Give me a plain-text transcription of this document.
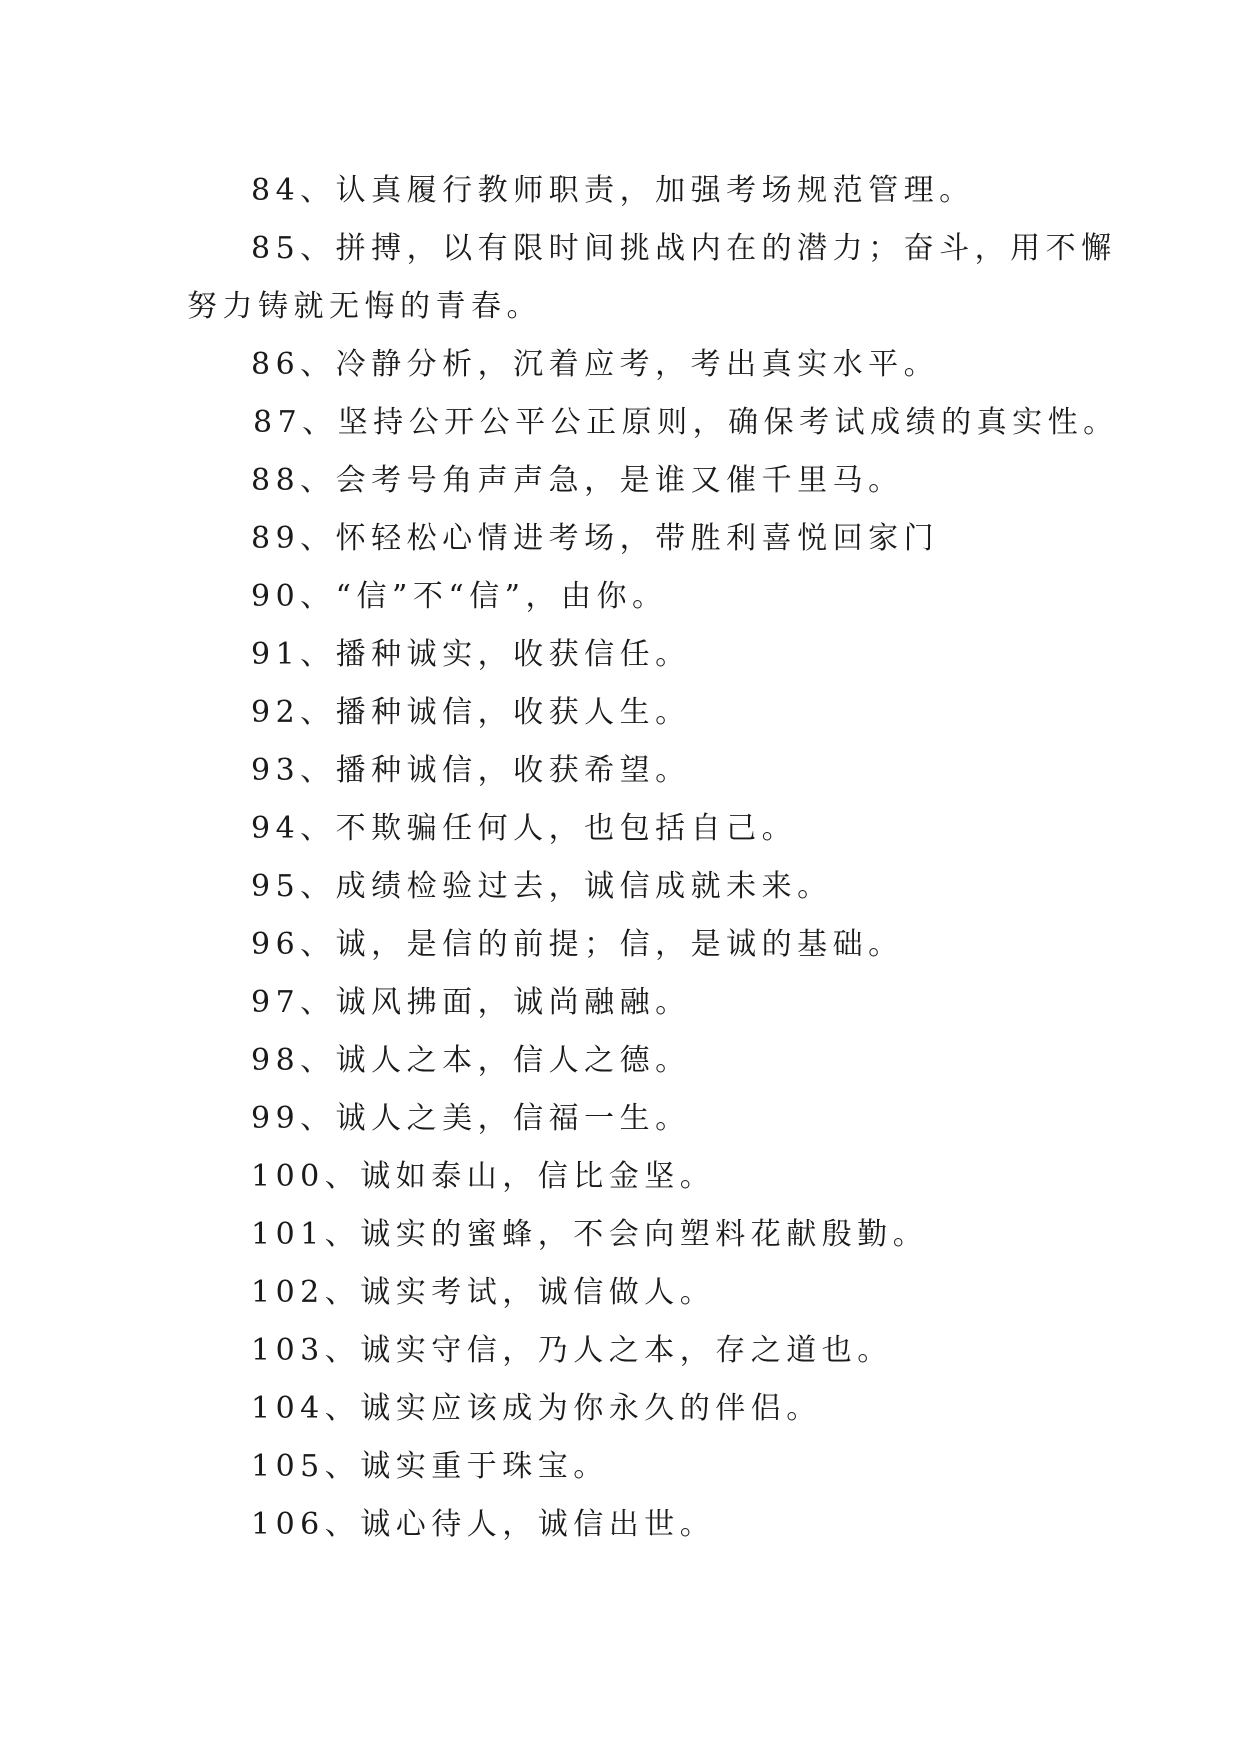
84、认真履行教师职责，加强考场规范管理。
85、拼搏，以有限时间挑战内在的潜力；奋斗，用不懈
努力铸就无悔的青春。
86、冷静分析，沉着应考，考出真实水平。
87、坚持公开公平公正原则，确保考试成绩的真实性。
88、会考号角声声急，是谁又催千里马。
89、怀轻松心情进考场，带胜利喜悦回家门
90、“信”不“信”，由你。
91、播种诚实，收获信任。
92、播种诚信，收获人生。
93、播种诚信，收获希望。
94、不欺骗任何人，也包括自己。
95、成绩检验过去，诚信成就未来。
96、诚，是信的前提；信，是诚的基础。
97、诚风拂面，诚尚融融。
98、诚人之本，信人之德。
99、诚人之美，信福一生。
100、诚如泰山，信比金坚。
101、诚实的蜜蜂，不会向塑料花献殷勤。
102、诚实考试，诚信做人。
103、诚实守信，乃人之本，存之道也。
104、诚实应该成为你永久的伴侣。
105、诚实重于珠宝。
106、诚心待人，诚信出世。
